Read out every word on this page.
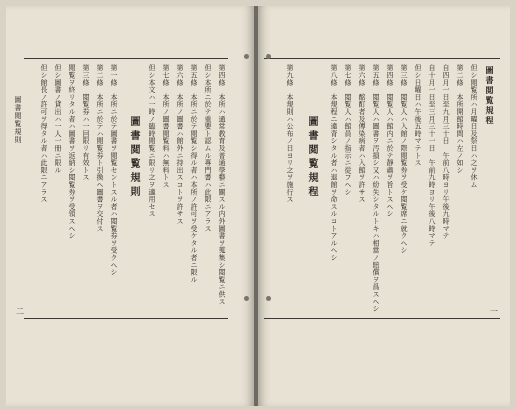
第四條　本所ハ通常教育及普通學藝ニ關スル内外圖書ヲ蒐集シ閲覧ニ供ス
但シ本所ニ於テ重要ト認ムル專門書ハ此限ニアラス
第五條　本所ニ於テ閲覧シ得ル者ハ本所ノ許可ヲ受ケタル者ニ限ル
第六條　本所ノ圖書ハ館外ニ持出スコトヲ許サス
第七條　本所ノ圖書閲覧料ハ無料トス
但シ本文ハ一時ノ臨時閲覧ニ限リ之ヲ適用セス
圖書閲覧規則
第一條　本所ニ於テ圖書ヲ閲覧セントスル者ハ閲覧券ヲ受クヘシ
第二條　本所ニ於テハ閲覧券ト引換ヘ圖書ヲ交付ス
第三條　閲覧券ハ一回限リ有效トス
閲覧ヲ終リタル者ハ圖書ヲ返納シ閲覧券ヲ受領スヘシ
但シ圖書ノ貸出ハ一人一冊ニ限ル
但シ館長ノ許可ヲ得タル者ハ此限ニアラス
圖書閲覧規則
二
圖書閲覧規程
但シ閲覧所ハ月曜日及祭日ハ之ヲ休ム
第二條　本所開館時間ハ左ノ如シ
自四月一日至九月三十日　午前八時ヨリ午後九時マテ
自十月一日至三月三十一日　午前九時ヨリ午後八時マテ
但シ日曜日ハ午後五時マテトス
第三條　閲覧人ハ入館ノ際閲覧券ヲ受ケ閲覧席ニ就クヘシ
第四條　閲覧人ハ館内ニ於テ靜肅ヲ旨トスヘシ
第五條　閲覧人ハ圖書ヲ汚損シ又ハ紛失シタルトキハ相當ノ賠償ヲ爲スヘシ
第六條　酩酊者及傳染病者ハ入館ヲ許サス
第七條　閲覧人ハ館員ノ指示ニ從フヘシ
第八條　本規程ニ違背シタル者ハ退館ヲ命スルコトアルヘシ
圖書閲覧規程
第九條　本規則ハ公布ノ日ヨリ之ヲ施行ス
一
